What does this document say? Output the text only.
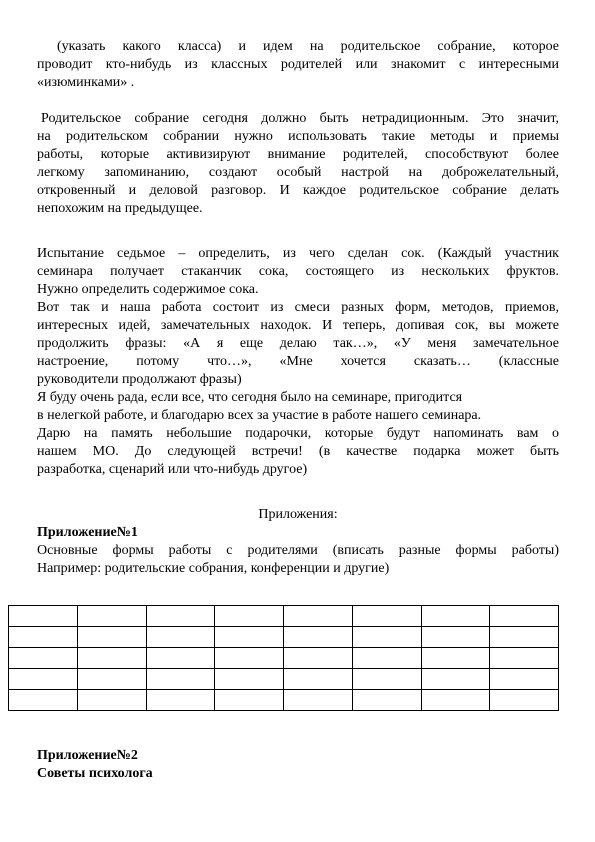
(указать какого класса) и идем на родительское собрание, которое
проводит кто-нибудь из классных родителей или знакомит с интересными
«изюминками» .
Родительское собрание сегодня должно быть нетрадиционным. Это значит,
на родительском собрании нужно использовать такие методы и приемы
работы, которые активизируют внимание родителей, способствуют более
легкому запоминанию, создают особый настрой на доброжелательный,
откровенный и деловой разговор. И каждое родительское собрание делать
непохожим на предыдущее.
Испытание седьмое – определить, из чего сделан сок. (Каждый участник
семинара получает стаканчик сока, состоящего из нескольких фруктов.
Нужно определить содержимое сока.
Вот так и наша работа состоит из смеси разных форм, методов, приемов,
интересных идей, замечательных находок. И теперь, допивая сок, вы можете
продолжить фразы: «А я еще делаю так…», «У меня замечательное
настроение, потому что…», «Мне хочется сказать… (классные
руководители продолжают фразы)
Я буду очень рада, если все, что сегодня было на семинаре, пригодится
в нелегкой работе, и благодарю всех за участие в работе нашего семинара.
Дарю на память небольшие подарочки, которые будут напоминать вам о
нашем МО. До следующей встречи! (в качестве подарка может быть
разработка, сценарий или что-нибудь другое)
Приложения:
Приложение№1
Основные формы работы с родителями (вписать разные формы работы)
Например: родительские собрания, конференции и другие)

Приложение№2
Советы психолога
